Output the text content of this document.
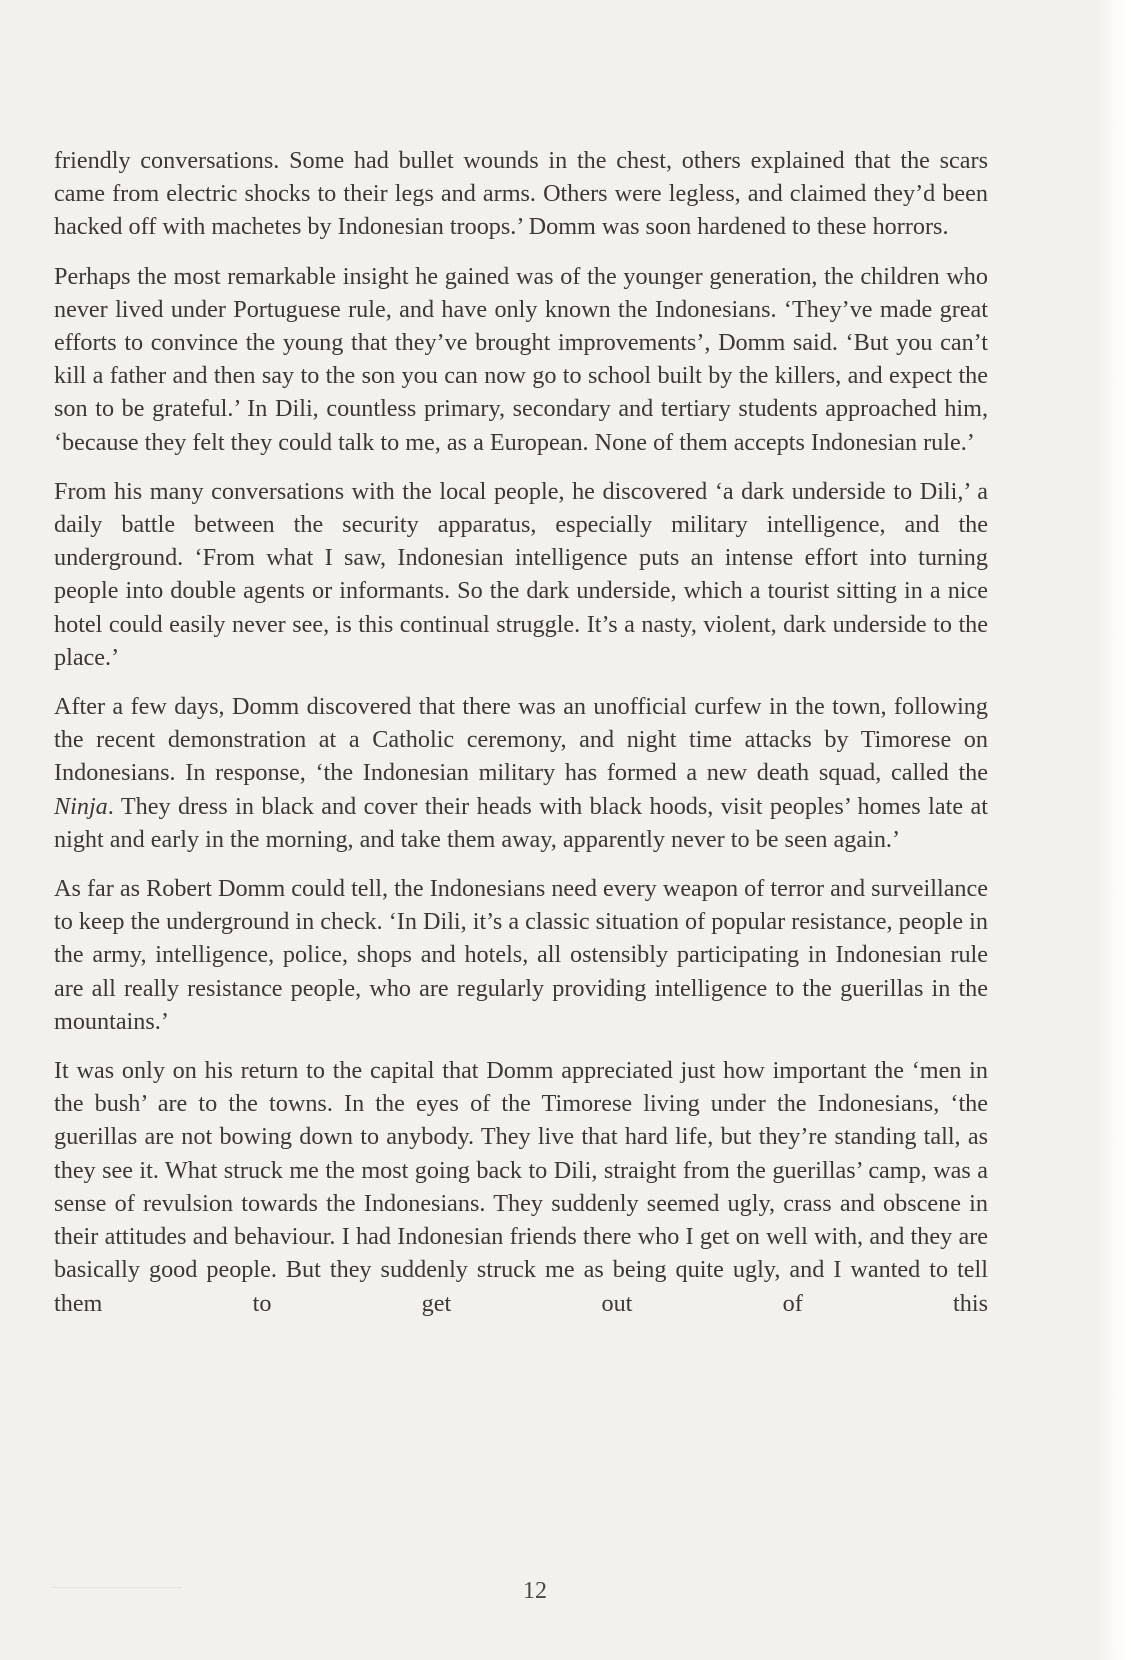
friendly conversations. Some had bullet wounds in the chest, others explained that the scars came from electric shocks to their legs and arms. Others were legless, and claimed they’d been hacked off with machetes by Indonesian troops.’ Domm was soon hardened to these horrors.

Perhaps the most remarkable insight he gained was of the younger generation, the children who never lived under Portuguese rule, and have only known the Indonesians. ‘They’ve made great efforts to convince the young that they’ve brought improvements’, Domm said. ‘But you can’t kill a father and then say to the son you can now go to school built by the killers, and expect the son to be grateful.’ In Dili, countless primary, secondary and tertiary students approached him, ‘because they felt they could talk to me, as a European. None of them accepts Indonesian rule.’

From his many conversations with the local people, he discovered ‘a dark underside to Dili,’ a daily battle between the security apparatus, especially military intelligence, and the underground. ‘From what I saw, Indonesian intelligence puts an intense effort into turning people into double agents or informants. So the dark underside, which a tourist sitting in a nice hotel could easily never see, is this continual struggle. It’s a nasty, violent, dark underside to the place.’

After a few days, Domm discovered that there was an unofficial curfew in the town, following the recent demonstration at a Catholic ceremony, and night time attacks by Timorese on Indonesians. In response, ‘the Indonesian military has formed a new death squad, called the Ninja. They dress in black and cover their heads with black hoods, visit peoples’ homes late at night and early in the morning, and take them away, apparently never to be seen again.’

As far as Robert Domm could tell, the Indonesians need every weapon of terror and surveillance to keep the underground in check. ‘In Dili, it’s a classic situation of popular resistance, people in the army, intelligence, police, shops and hotels, all ostensibly participating in Indonesian rule are all really resistance people, who are regularly providing intelligence to the guerillas in the mountains.’

It was only on his return to the capital that Domm appreciated just how important the ‘men in the bush’ are to the towns. In the eyes of the Timorese living under the Indonesians, ‘the guerillas are not bowing down to anybody. They live that hard life, but they’re standing tall, as they see it. What struck me the most going back to Dili, straight from the guerillas’ camp, was a sense of revulsion towards the Indonesians. They suddenly seemed ugly, crass and obscene in their attitudes and behaviour. I had Indonesian friends there who I get on well with, and they are basically good people. But they suddenly struck me as being quite ugly, and I wanted to tell them to get out of this

12
